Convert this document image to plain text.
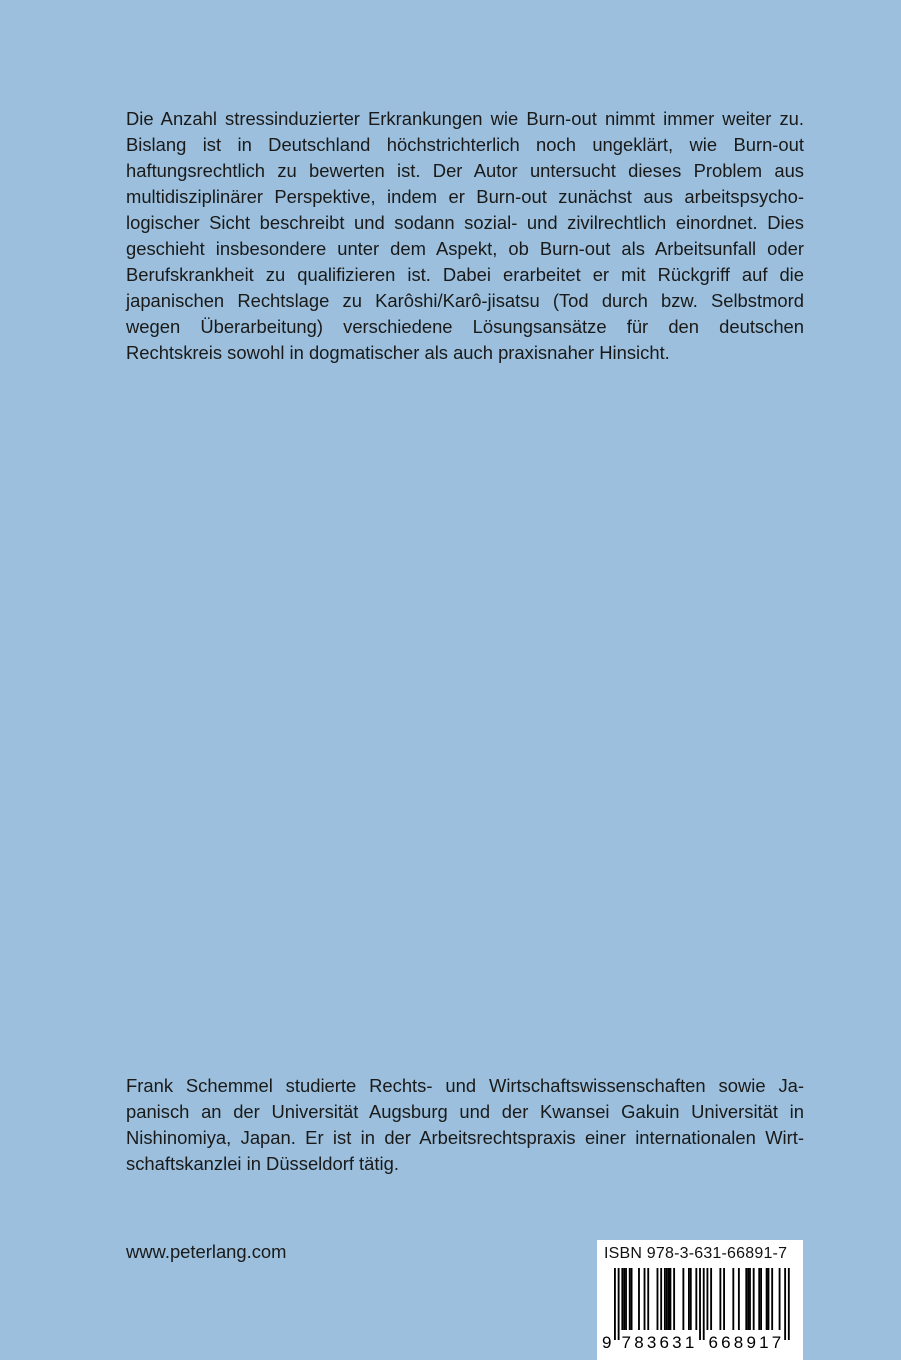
Die Anzahl stressinduzierter Erkrankungen wie Burn-out nimmt immer weiter zu. Bislang ist in Deutschland höchstrichterlich noch ungeklärt, wie Burn-out haftungsrechtlich zu bewerten ist. Der Autor untersucht dieses Problem aus multidisziplinärer Perspektive, indem er Burn-out zunächst aus arbeitspsychologischer Sicht beschreibt und sodann sozial- und zivilrechtlich einordnet. Dies geschieht insbesondere unter dem Aspekt, ob Burn-out als Arbeitsunfall oder Berufskrankheit zu qualifizieren ist. Dabei erarbeitet er mit Rückgriff auf die japanischen Rechtslage zu Karôshi/Karô-jisatsu (Tod durch bzw. Selbstmord wegen Überarbeitung) verschiedene Lösungsansätze für den deutschen Rechtskreis sowohl in dogmatischer als auch praxisnaher Hinsicht.

Frank Schemmel studierte Rechts- und Wirtschaftswissenschaften sowie Japanisch an der Universität Augsburg und der Kwansei Gakuin Universität in Nishinomiya, Japan. Er ist in der Arbeitsrechtspraxis einer internationalen Wirtschaftskanzlei in Düsseldorf tätig.

www.peterlang.com	ISBN 978-3-631-66891-7
9 783631 668917
